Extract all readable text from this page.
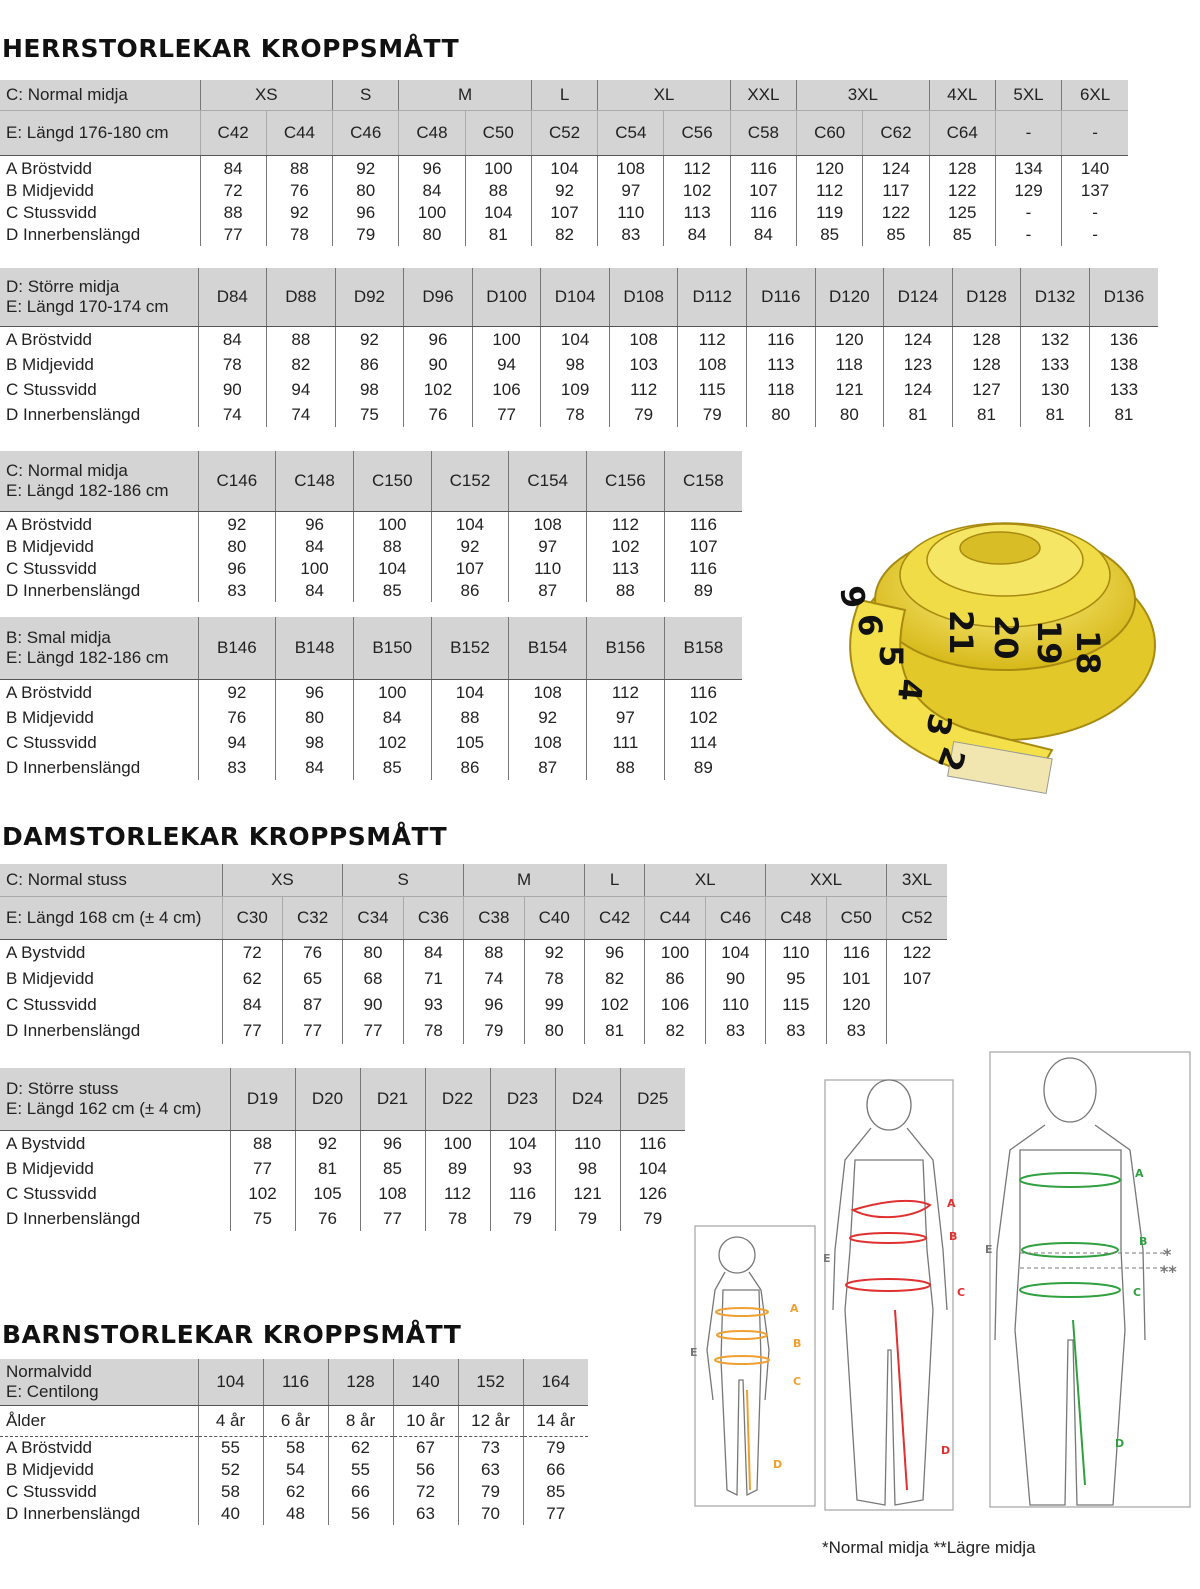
HERRSTORLEKAR KROPPSMÅTT
C: Normal midja	XS		S	M		L	XL		XXL	3XL		4XL	5XL	6XL
E: Längd 176-180 cm	C42	C44	C46	C48	C50	C52	C54	C56	C58	C60	C62	C64	-	-
A Bröstvidd	84	88	92	96	100	104	108	112	116	120	124	128	134	140
B Midjevidd	72	76	80	84	88	92	97	102	107	112	117	122	129	137
C Stussvidd	88	92	96	100	104	107	110	113	116	119	122	125	-	-
D Innerbenslängd	77	78	79	80	81	82	83	84	84	85	85	85	-	-
D: Större midja
E: Längd 170-174 cm	D84	D88	D92	D96	D100	D104	D108	D112	D116	D120	D124	D128	D132	D136
A Bröstvidd	84	88	92	96	100	104	108	112	116	120	124	128	132	136
B Midjevidd	78	82	86	90	94	98	103	108	113	118	123	128	133	138
C Stussvidd	90	94	98	102	106	109	112	115	118	121	124	127	130	133
D Innerbenslängd	74	74	75	76	77	78	79	79	80	80	81	81	81	81
C: Normal midja
E: Längd 182-186 cm	C146	C148	C150	C152	C154	C156	C158
A Bröstvidd	92	96	100	104	108	112	116
B Midjevidd	80	84	88	92	97	102	107
C Stussvidd	96	100	104	107	110	113	116
D Innerbenslängd	83	84	85	86	87	88	89
B: Smal midja
E: Längd 182-186 cm	B146	B148	B150	B152	B154	B156	B158
A Bröstvidd	92	96	100	104	108	112	116
B Midjevidd	76	80	84	88	92	97	102
C Stussvidd	94	98	102	105	108	111	114
D Innerbenslängd	83	84	85	86	87	88	89
18
19
20
21
2
3
4
5
6
9
DAMSTORLEKAR KROPPSMÅTT
C: Normal stuss	XS		S		M		L	XL		XXL		3XL
E: Längd 168 cm (± 4 cm)	C30	C32	C34	C36	C38	C40	C42	C44	C46	C48	C50	C52
A Bystvidd	72	76	80	84	88	92	96	100	104	110	116	122
B Midjevidd	62	65	68	71	74	78	82	86	90	95	101	107
C Stussvidd	84	87	90	93	96	99	102	106	110	115	120	
D Innerbenslängd	77	77	77	78	79	80	81	82	83	83	83	
D: Större stuss
E: Längd 162 cm (± 4 cm)	D19	D20	D21	D22	D23	D24	D25
A Bystvidd	88	92	96	100	104	110	116
B Midjevidd	77	81	85	89	93	98	104
C Stussvidd	102	105	108	112	116	121	126
D Innerbenslängd	75	76	77	78	79	79	79
BARNSTORLEKAR KROPPSMÅTT
Normalvidd
E: Centilong	104	116	128	140	152	164
Ålder	4 år	6 år	8 år	10 år	12 år	14 år
A Bröstvidd	55	58	62	67	73	79
B Midjevidd	52	54	55	56	63	66
C Stussvidd	58	62	66	72	79	85
D Innerbenslängd	40	48	56	63	70	77
A
B
C
D
E
A
B
C
D
E
A
B
C
D
E	*
**
*Normal midja **Lägre midja
